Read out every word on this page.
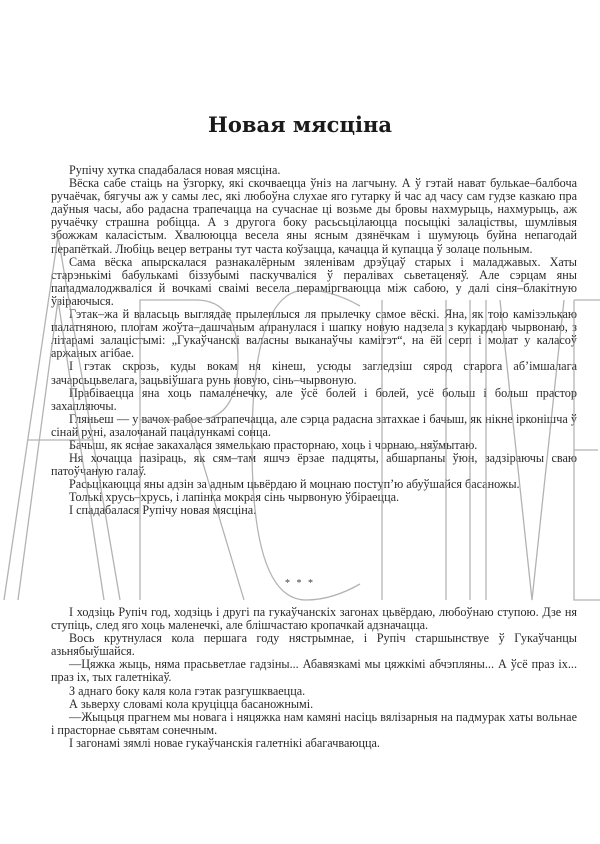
Новая мясціна

Рупічу хутка спадабалася новая мясціна.

Вёска сабе стаіць на ўзгорку, які скочваецца ўніз на лагчыну. А ў гэтай нават булькае–балбоча ручаёчак, бягучы аж у самы лес, які любоўна слухае яго гутарку й час ад часу сам гудзе казкаю пра даўныя часы, або радасна трапечацца на сучаснае ці возьме ды бровы нахмурыць, нахмурыць, аж ручаёчку страшна робіцца. А з другога боку расьсьцілаюцца посыцікі залаціствы, шумлівыя збожжам каласістым. Хвалююцца весела яны ясным дзянёчкам і шумуюць буйна непагодай перапёткай. Любіць вецер ветраны тут часта коўзацца, качацца й купацца ў золаце польным.

Сама вёска апырскалася разнакалёрным зяленівам дрэўцаў старых і маладжавых. Хаты старэнькімі бабулькамі біззубымі паскучваліся ў пералівах сьветаценяў. Але сэрцам яны пападмалоджваліся й вочкамі сваімі весела пераміргваюцца між сабою, у далі сіня–блакітную ўзіраючыся.

Гэтак–жа й валасьць выглядае прылеплыся ля прылечку самое вёскі. Яна, як тою камізэлькаю палатняною, плотам жоўта–дашчаным апранулася і шапку новую надзела з кукардаю чырвонаю, з літарамі залацістымі: „Гукаўчанскі валасны выканаўчы камітэт“, на ёй серп і молат у каласоў аржаных агібае.

І гэтак скрозь, куды вокам ня кінеш, усюды загледзіш сярод старога аб’імшалага зачарсьцьвелага, зацьвіўшага рунь новую, сінь–чырвоную.

Прабіваецца яна хоць памаленечку, але ўсё болей і болей, усё больш і больш прастор захапляючы.

Гляньеш — у вачох рабое затрапечацца, але сэрца радасна затахкае і бачыш, як нікне ірконішча ў сінай руні, азалочанай пацалункамі сонца.

Бачыш, як яснае закахалася зямелькаю прасторнаю, хоць і чорнаю, няўмытаю.

Ня хочацца пазіраць, як сям–там яшчэ ёрзае падцяты, абшарпаны ўюн, задзіраючы сваю патоўчаную галаў.

Расьцікаюцца яны адзін за адным цьвёрдаю й моцнаю поступ’ю абуўшайся басаножы.

Толькі хрусь–хрусь, і лапінка мокрая сінь чырвоную ўбіраецца.

І спадабалася Рупічу новая мясціна.

* * *

І ходзіць Рупіч год, ходзіць і другі па гукаўчанскіх загонах цьвёрдаю, любоўнаю ступою. Дзе ня ступіць, след яго хоць маленечкі, але блішчастаю кропачкай адзначацца.

Вось крутнулася кола першага году нястрымнае, і Рупіч старшынствуе ў Гукаўчанцы азьнябыўшайся.

—Цяжка жыць, няма прасьветлае гадзіны... Абавязкамі мы цяжкімі абчэпляны... А ўсё праз іх... праз іх, тых галетнікаў.

З аднаго боку каля кола гэтак разгушкваецца.

А зьверху словамі кола круціцца басаножнымі.

—Жыцьця прагнем мы новага і няцяжка нам камяні насіць вялізарныя на падмурак хаты вольнае і прасторнае сьвятам сонечным.

І загонамі зямлі новае гукаўчанскія галетнікі абагачваюцца.
